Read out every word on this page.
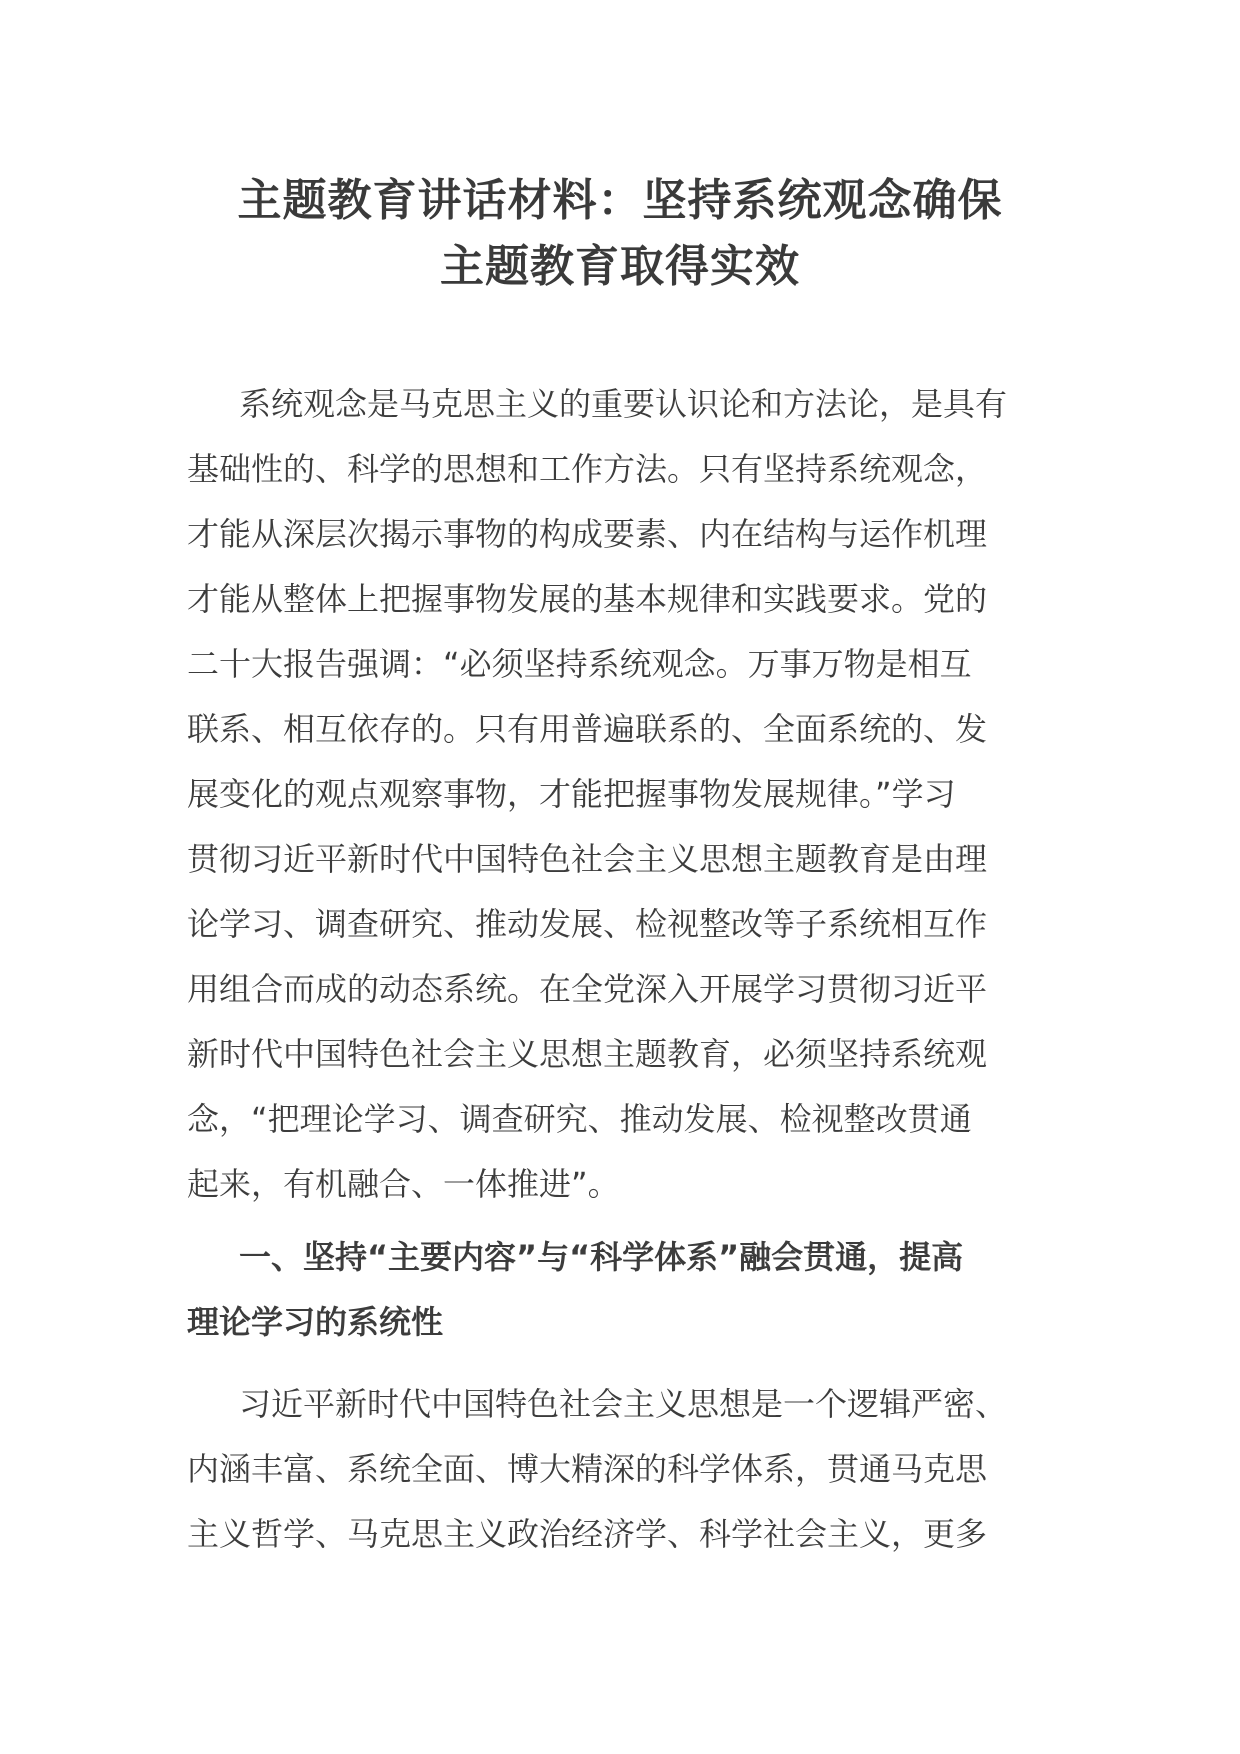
主题教育讲话材料：坚持系统观念确保
主题教育取得实效
系统观念是马克思主义的重要认识论和方法论，是具有
基础性的、科学的思想和工作方法。只有坚持系统观念，
才能从深层次揭示事物的构成要素、内在结构与运作机理
才能从整体上把握事物发展的基本规律和实践要求。党的
二十大报告强调：“必须坚持系统观念。万事万物是相互
联系、相互依存的。只有用普遍联系的、全面系统的、发
展变化的观点观察事物，才能把握事物发展规律。”学习
贯彻习近平新时代中国特色社会主义思想主题教育是由理
论学习、调查研究、推动发展、检视整改等子系统相互作
用组合而成的动态系统。在全党深入开展学习贯彻习近平
新时代中国特色社会主义思想主题教育，必须坚持系统观
念，“把理论学习、调查研究、推动发展、检视整改贯通
起来，有机融合、一体推进”。
一、坚持“主要内容”与“科学体系”融会贯通，提高
理论学习的系统性
习近平新时代中国特色社会主义思想是一个逻辑严密、
内涵丰富、系统全面、博大精深的科学体系，贯通马克思
主义哲学、马克思主义政治经济学、科学社会主义，更多
